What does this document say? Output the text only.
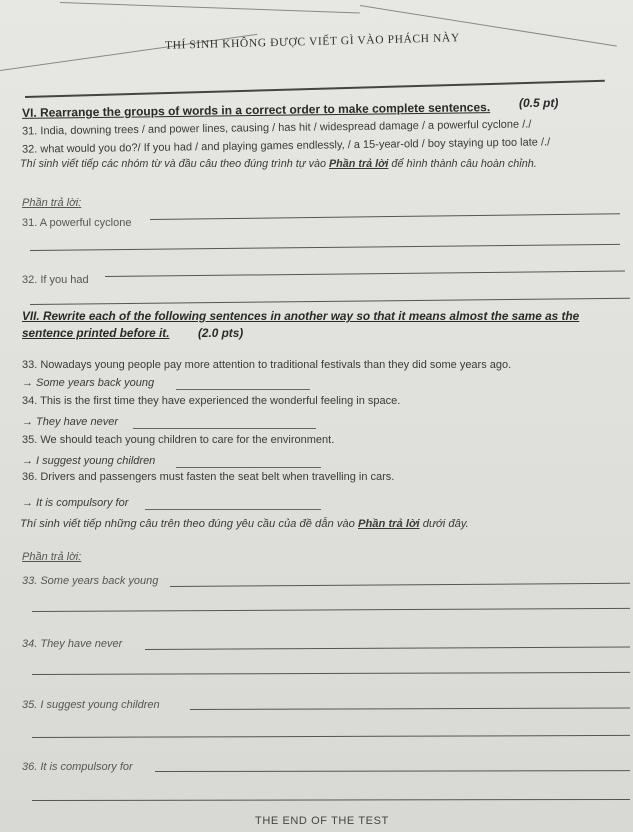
THÍ SINH KHÔNG ĐƯỢC VIẾT GÌ VÀO PHÁCH NÀY
VI. Rearrange the groups of words in a correct order to make complete sentences. (0.5 pt)
31. India, downing trees / and power lines, causing / has hit / widespread damage / a powerful cyclone /./
32. what would you do?/ If you had / and playing games endlessly, / a 15-year-old / boy staying up too late /./
Thí sinh viết tiếp các nhóm từ và đầu câu theo đúng trình tự vào Phần trả lời để hình thành câu hoàn chỉnh.
Phần trả lời:
31. A powerful cyclone
32. If you had
VII. Rewrite each of the following sentences in another way so that it means almost the same as the
sentence printed before it. (2.0 pts)
33. Nowadays young people pay more attention to traditional festivals than they did some years ago.
→ Some years back young
34. This is the first time they have experienced the wonderful feeling in space.
→ They have never
35. We should teach young children to care for the environment.
→ I suggest young children
36. Drivers and passengers must fasten the seat belt when travelling in cars.
→ It is compulsory for
Thí sinh viết tiếp những câu trên theo đúng yêu cầu của đề dẫn vào Phần trả lời dưới đây.
Phần trả lời:
33. Some years back young
34. They have never
35. I suggest young children
36. It is compulsory for
THE END OF THE TEST
